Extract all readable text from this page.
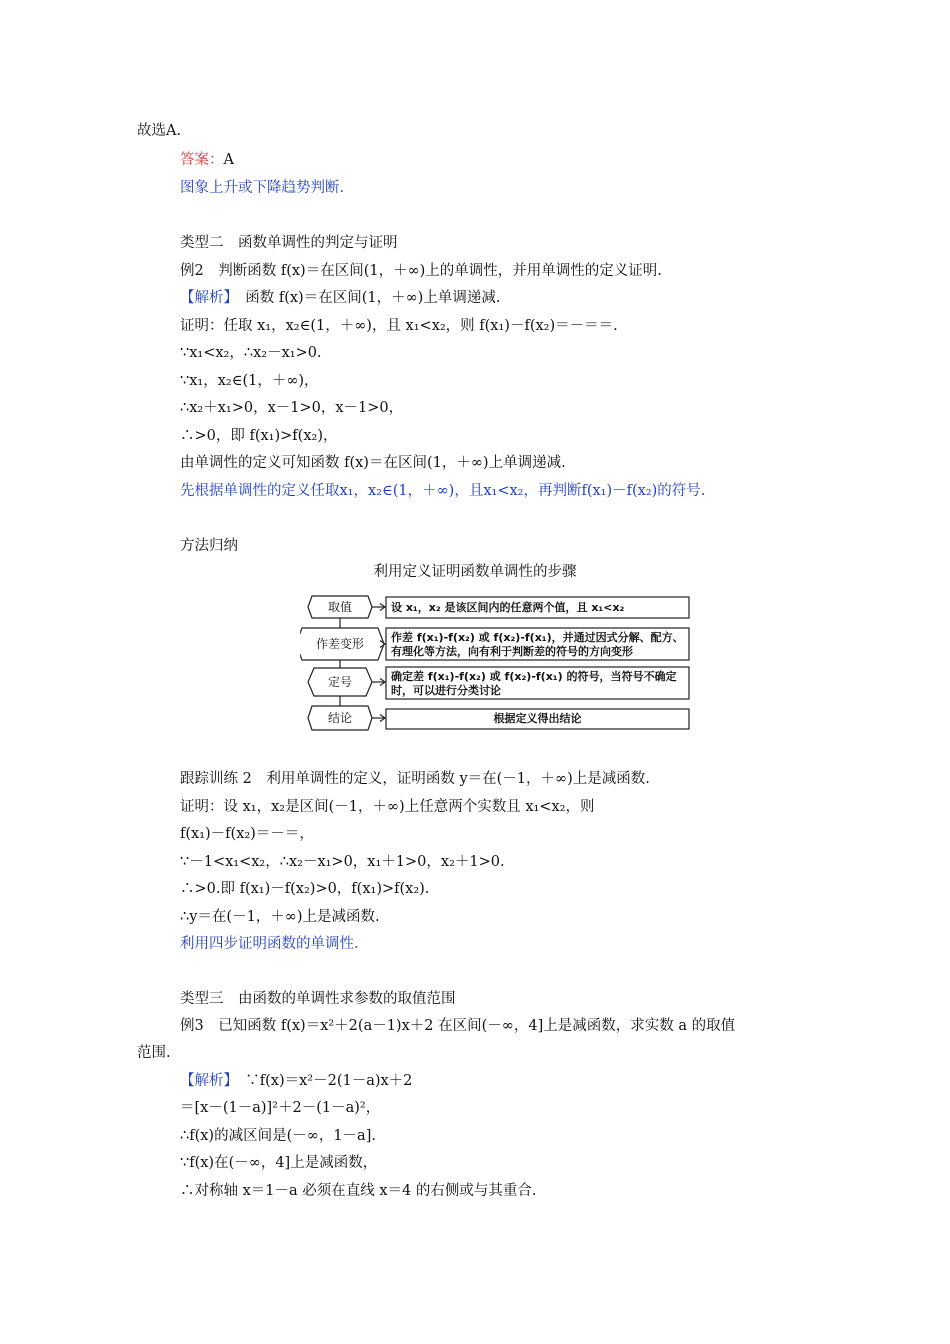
故选A.
答案：A
图象上升或下降趋势判断.
类型二　函数单调性的判定与证明
例2　判断函数 f(x)＝在区间(1，＋∞)上的单调性，并用单调性的定义证明.
【解析】　函数 f(x)＝在区间(1，＋∞)上单调递减.
证明：任取 x₁，x₂∈(1，＋∞)，且 x₁<x₂，则 f(x₁)－f(x₂)＝－＝＝.
∵x₁<x₂，∴x₂－x₁>0.
∵x₁，x₂∈(1，＋∞)，
∴x₂＋x₁>0，x－1>0，x－1>0，
∴>0，即 f(x₁)>f(x₂)，
由单调性的定义可知函数 f(x)＝在区间(1，＋∞)上单调递减.
先根据单调性的定义任取x₁，x₂∈(1，＋∞)，且x₁<x₂，再判断f(x₁)－f(x₂)的符号.
方法归纳
利用定义证明函数单调性的步骤
取值	设 x₁，x₂ 是该区间内的任意两个值，且 x₁<x₂
作差变形 作差 f(x₁)-f(x₂) 或 f(x₂)-f(x₁)，并通过因式分解、配方、
有理化等方法，向有利于判断差的符号的方向变形
定号	确定差 f(x₁)-f(x₂) 或 f(x₂)-f(x₁) 的符号，当符号不确定
时，可以进行分类讨论
结论	根据定义得出结论
跟踪训练 2　利用单调性的定义，证明函数 y＝在(－1，＋∞)上是减函数.
证明：设 x₁，x₂是区间(－1，＋∞)上任意两个实数且 x₁<x₂，则
f(x₁)－f(x₂)＝－＝，
∵－1<x₁<x₂，∴x₂－x₁>0，x₁＋1>0，x₂＋1>0.
∴>0.即 f(x₁)－f(x₂)>0，f(x₁)>f(x₂).
∴y＝在(－1，＋∞)上是减函数.
利用四步证明函数的单调性.
类型三　由函数的单调性求参数的取值范围
例3　已知函数 f(x)＝x²＋2(a－1)x＋2 在区间(－∞，4]上是减函数，求实数 a 的取值
范围.
【解析】　∵f(x)＝x²－2(1－a)x＋2
＝[x－(1－a)]²＋2－(1－a)²，
∴f(x)的减区间是(－∞，1－a].
∵f(x)在(－∞，4]上是减函数，
∴对称轴 x＝1－a 必须在直线 x＝4 的右侧或与其重合.
